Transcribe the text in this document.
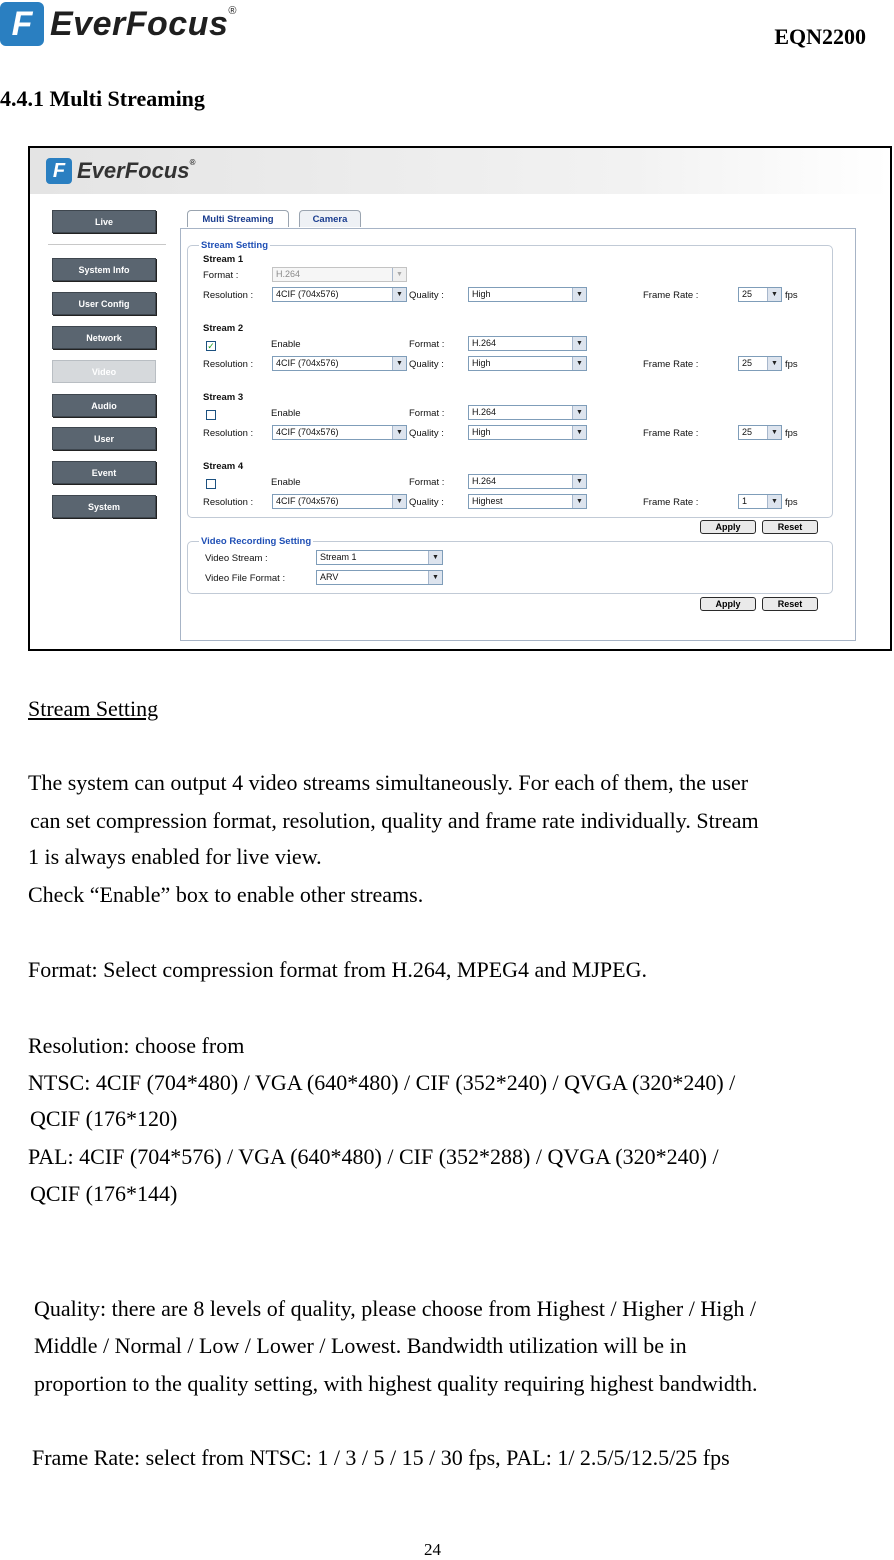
F EverFocus®
EQN2200
4.4.1 Multi Streaming
F EverFocus®
Live
System Info
User Config
Network
Video
Audio
User
Event
System
Multi Streaming	Camera
Stream Setting
Stream 1
Format :	H.264	▼
Resolution :	4CIF (704x576)	▼ Quality :	High	▼	Frame Rate :	25	▼ fps
Stream 2
✓	Enable	Format :	H.264	▼
Resolution :	4CIF (704x576)	▼ Quality :	High	▼	Frame Rate :	25	▼ fps
Stream 3
Enable	Format :	H.264	▼
Resolution :	4CIF (704x576)	▼ Quality :	High	▼	Frame Rate :	25	▼ fps
Stream 4
Enable	Format :	H.264	▼
Resolution :	4CIF (704x576)	▼ Quality :	Highest	▼	Frame Rate :	1	▼ fps
Apply	Reset
Video Recording Setting
Video Stream :	Stream 1	▼
Video File Format :	ARV	▼
Apply	Reset
Stream Setting
The system can output 4 video streams simultaneously. For each of them, the user
can set compression format, resolution, quality and frame rate individually. Stream
1 is always enabled for live view.
Check “Enable” box to enable other streams.
Format: Select compression format from H.264, MPEG4 and MJPEG.
Resolution: choose from
NTSC: 4CIF (704*480) / VGA (640*480) / CIF (352*240) / QVGA (320*240) /
QCIF (176*120)
PAL: 4CIF (704*576) / VGA (640*480) / CIF (352*288) / QVGA (320*240) /
QCIF (176*144)
Quality: there are 8 levels of quality, please choose from Highest / Higher / High /
Middle / Normal / Low / Lower / Lowest. Bandwidth utilization will be in
proportion to the quality setting, with highest quality requiring highest bandwidth.
Frame Rate: select from NTSC: 1 / 3 / 5 / 15 / 30 fps, PAL: 1/ 2.5/5/12.5/25 fps
24
